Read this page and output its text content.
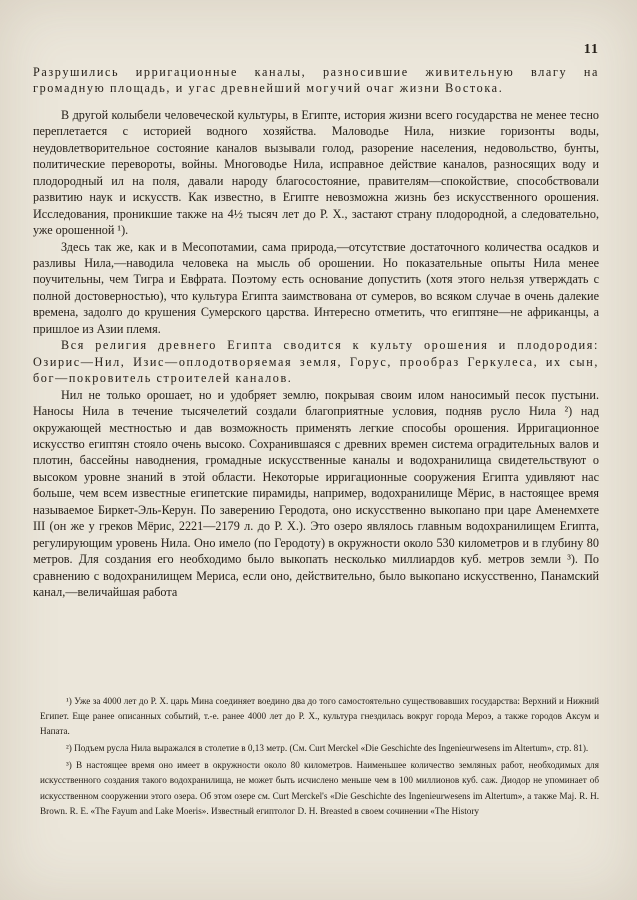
11

Разрушились ирригационные каналы, разносившие живительную влагу на громадную площадь, и угас древнейший могучий очаг жизни Востока.

В другой колыбели человеческой культуры, в Египте, история жизни всего государства не менее тесно переплетается с историей водного хозяйства. Маловодье Нила, низкие горизонты воды, неудовлетворительное состояние каналов вызывали голод, разорение населения, недовольство, бунты, политические перевороты, войны. Многоводье Нила, исправное действие каналов, разносящих воду и плодородный ил на поля, давали народу благосостояние, правителям—спокойствие, способствовали развитию наук и искусств. Как известно, в Египте невозможна жизнь без искусственного орошения. Исследования, проникшие также на 4½ тысяч лет до Р. Х., застают страну плодородной, а следовательно, уже орошенной ¹).

Здесь так же, как и в Месопотамии, сама природа,—отсутствие достаточного количества осадков и разливы Нила,—наводила человека на мысль об орошении. Но показательные опыты Нила менее поучительны, чем Тигра и Евфрата. Поэтому есть основание допустить (хотя этого нельзя утверждать с полной достоверностью), что культура Египта заимствована от сумеров, во всяком случае в очень далекие времена, задолго до крушения Сумерского царства. Интересно отметить, что египтяне—не африканцы, а пришлое из Азии племя.

Вся религия древнего Египта сводится к культу орошения и плодородия: Озирис—Нил, Изис—оплодотворяемая земля, Горус, прообраз Геркулеса, их сын, бог—покровитель строителей каналов.

Нил не только орошает, но и удобряет землю, покрывая своим илом наносимый песок пустыни. Наносы Нила в течение тысячелетий создали благоприятные условия, подняв русло Нила ²) над окружающей местностью и дав возможность применять легкие способы орошения. Ирригационное искусство египтян стояло очень высоко. Сохранившаяся с древних времен система оградительных валов и плотин, бассейны наводнения, громадные искусственные каналы и водохранилища свидетельствуют о высоком уровне знаний в этой области. Некоторые ирригационные сооружения Египта удивляют нас больше, чем всем известные египетские пирамиды, например, водохранилище Мёрис, в настоящее время называемое Биркет-Эль-Керун. По заверению Геродота, оно искусственно выкопано при царе Аменемхете III (он же у греков Мёрис, 2221—2179 л. до Р. Х.). Это озеро являлось главным водохранилищем Египта, регулирующим уровень Нила. Оно имело (по Геродоту) в окружности около 530 километров и в глубину 80 метров. Для создания его необходимо было выкопать несколько миллиардов куб. метров земли ³). По сравнению с водохранилищем Мериса, если оно, действительно, было выкопано искусственно, Панамский канал,—величайшая работа

¹) Уже за 4000 лет до Р. Х. царь Мина соединяет воедино два до того самостоятельно существовавших государства: Верхний и Нижний Египет. Еще ранее описанных событий, т.-е. ранее 4000 лет до Р. Х., культура гнездилась вокруг города Мероэ, а также городов Аксум и Напата.

²) Подъем русла Нила выражался в столетие в 0,13 метр. (См. Curt Merckel «Die Geschichte des Ingenieurwesens im Altertum», стр. 81).

³) В настоящее время оно имеет в окружности около 80 километров. Наименьшее количество земляных работ, необходимых для искусственного создания такого водохранилища, не может быть исчислено меньше чем в 100 миллионов куб. саж. Диодор не упоминает об искусственном сооружении этого озера. Об этом озере см. Curt Merckel's «Die Geschichte des Ingenieurwesens im Altertum», а также Maj. R. H. Brown. R. E. «The Fayum and Lake Moeris». Известный египтолог D. H. Breasted в своем сочинении «The History
